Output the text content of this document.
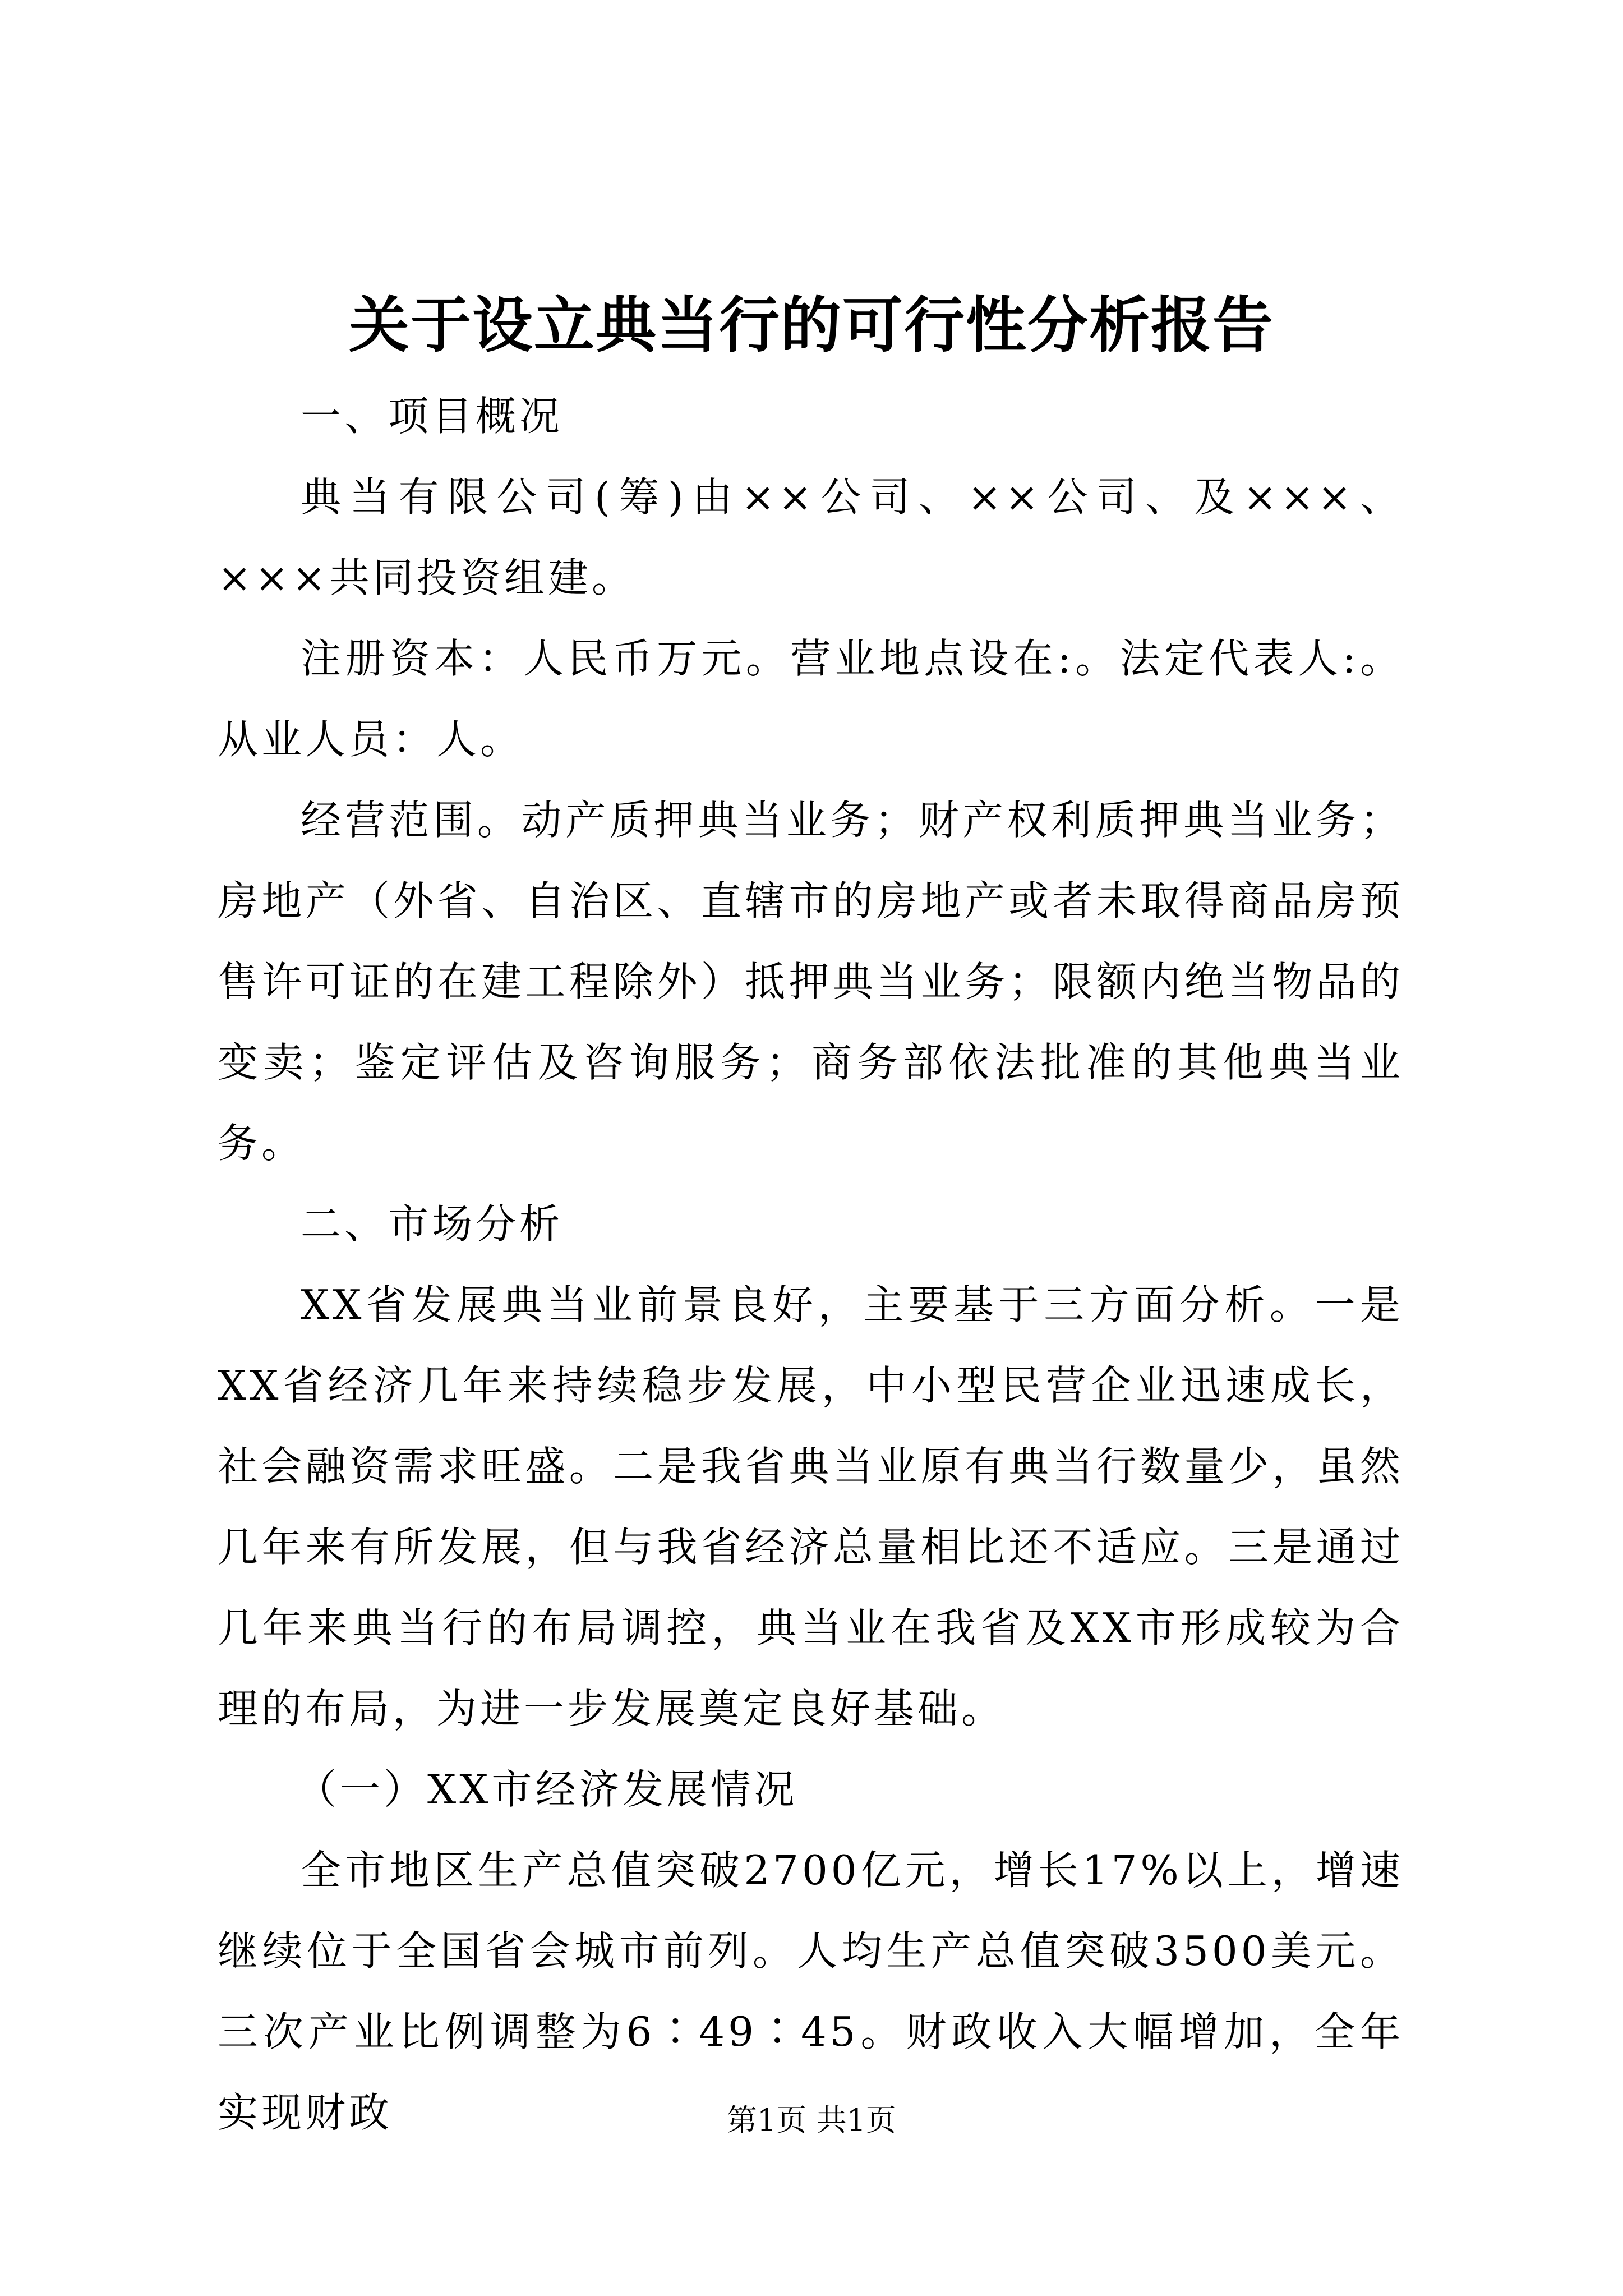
关于设立典当行的可行性分析报告

一、项目概况

典当有限公司(筹)由××公司、××公司、及×××、×××共同投资组建。

注册资本：人民币万元。营业地点设在:。法定代表人:。从业人员：人。

经营范围。动产质押典当业务；财产权利质押典当业务；房地产（外省、自治区、直辖市的房地产或者未取得商品房预售许可证的在建工程除外）抵押典当业务；限额内绝当物品的变卖；鉴定评估及咨询服务；商务部依法批准的其他典当业务。

二、市场分析

XX省发展典当业前景良好，主要基于三方面分析。一是XX省经济几年来持续稳步发展，中小型民营企业迅速成长，社会融资需求旺盛。二是我省典当业原有典当行数量少，虽然几年来有所发展，但与我省经济总量相比还不适应。三是通过几年来典当行的布局调控，典当业在我省及XX市形成较为合理的布局，为进一步发展奠定良好基础。

（一）XX市经济发展情况

全市地区生产总值突破2700亿元，增长17%以上，增速继续位于全国省会城市前列。人均生产总值突破3500美元。三次产业比例调整为6∶49∶45。财政收入大幅增加，全年实现财政	第1页 共1页
